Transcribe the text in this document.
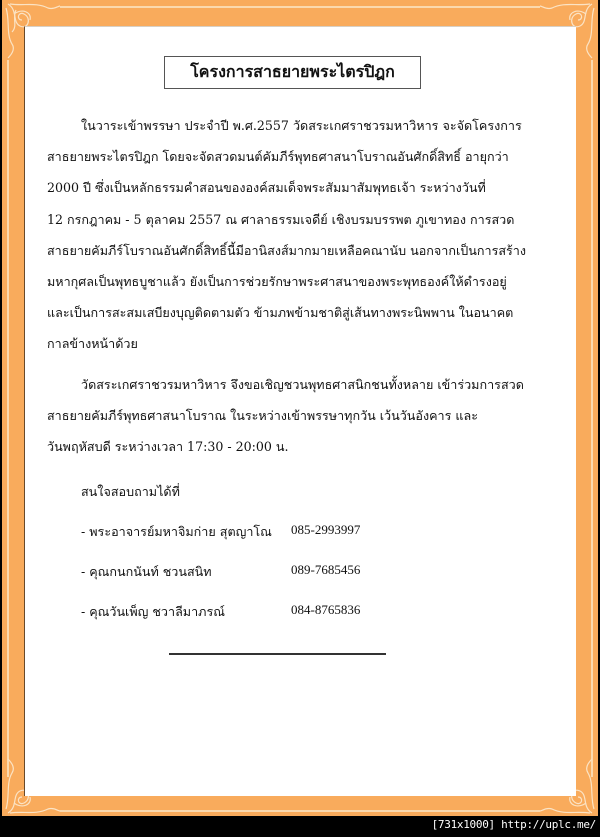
โครงการสาธยายพระไตรปิฎก

ในวาระเข้าพรรษา ประจำปี พ.ศ.2557 วัดสระเกศราชวรมหาวิหาร จะจัดโครงการ
สาธยายพระไตรปิฎก โดยจะจัดสวดมนต์คัมภีร์พุทธศาสนาโบราณอันศักดิ์สิทธิ์ อายุกว่า
2000 ปี ซึ่งเป็นหลักธรรมคำสอนขององค์สมเด็จพระสัมมาสัมพุทธเจ้า ระหว่างวันที่
12 กรกฎาคม - 5 ตุลาคม 2557 ณ ศาลาธรรมเจดีย์ เชิงบรมบรรพต ภูเขาทอง การสวด
สาธยายคัมภีร์โบราณอันศักดิ์สิทธิ์นี้มีอานิสงส์มากมายเหลือคณานับ นอกจากเป็นการสร้าง
มหากุศลเป็นพุทธบูชาแล้ว ยังเป็นการช่วยรักษาพระศาสนาของพระพุทธองค์ให้ดำรงอยู่
และเป็นการสะสมเสบียงบุญติดตามตัว ข้ามภพข้ามชาติสู่เส้นทางพระนิพพาน ในอนาคต
กาลข้างหน้าด้วย

วัดสระเกศราชวรมหาวิหาร จึงขอเชิญชวนพุทธศาสนิกชนทั้งหลาย เข้าร่วมการสวด
สาธยายคัมภีร์พุทธศาสนาโบราณ ในระหว่างเข้าพรรษาทุกวัน เว้นวันอังคาร และ
วันพฤหัสบดี ระหว่างเวลา 17:30 - 20:00 น.

สนใจสอบถามได้ที่
- พระอาจารย์มหาจิมก่าย สุตญาโณ	085-2993997
- คุณกนกนันท์ ชวนสนิท	089-7685456
- คุณวันเพ็ญ ชวาลีมาภรณ์	084-8765836
[731x1000] http://uplc.me/
